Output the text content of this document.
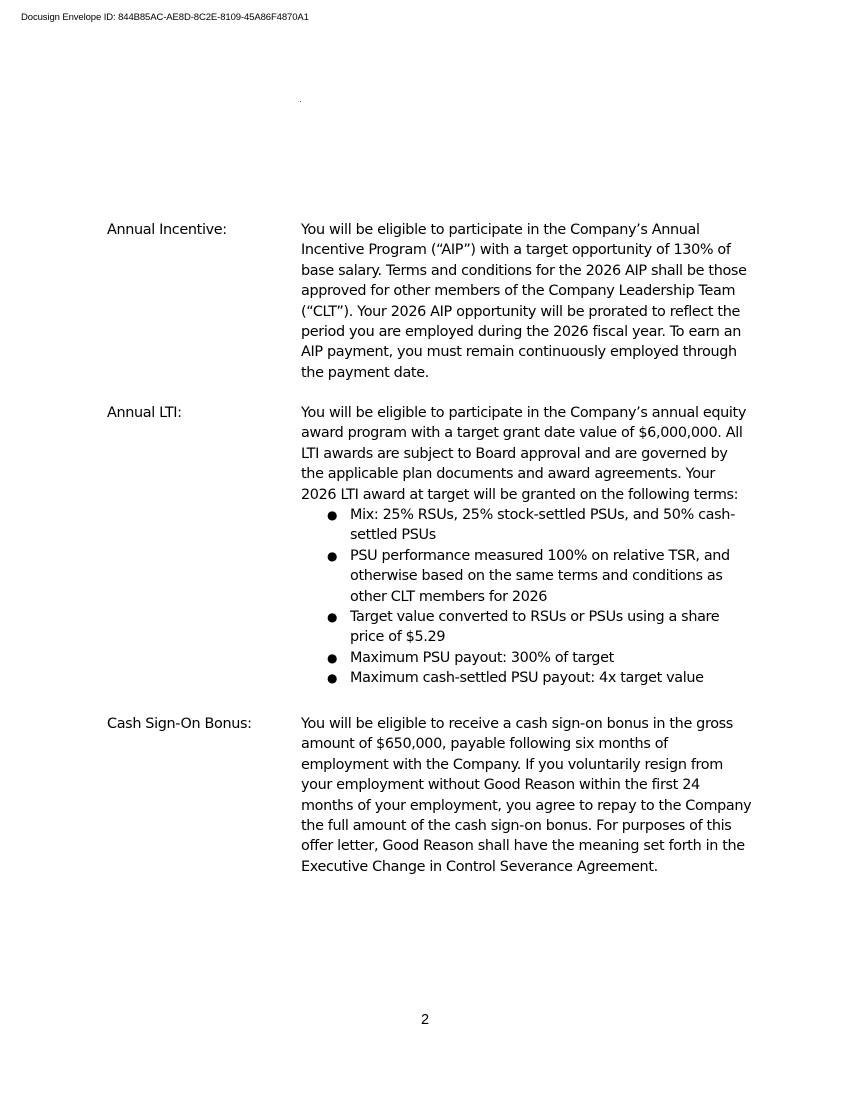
Docusign Envelope ID: 844B85AC-AE8D-8C2E-8109-45A86F4870A1
Annual Incentive:	You will be eligible to participate in the Company’s Annual
Incentive Program (“AIP”) with a target opportunity of 130% of
base salary. Terms and conditions for the 2026 AIP shall be those
approved for other members of the Company Leadership Team
(“CLT”). Your 2026 AIP opportunity will be prorated to reflect the
period you are employed during the 2026 fiscal year. To earn an
AIP payment, you must remain continuously employed through
the payment date.
Annual LTI:	You will be eligible to participate in the Company’s annual equity
award program with a target grant date value of $6,000,000. All
LTI awards are subject to Board approval and are governed by
the applicable plan documents and award agreements. Your
2026 LTI award at target will be granted on the following terms:
● Mix: 25% RSUs, 25% stock-settled PSUs, and 50% cash-
settled PSUs
● PSU performance measured 100% on relative TSR, and
otherwise based on the same terms and conditions as
other CLT members for 2026
● Target value converted to RSUs or PSUs using a share
price of $5.29
● Maximum PSU payout: 300% of target
● Maximum cash-settled PSU payout: 4x target value
Cash Sign-On Bonus:	You will be eligible to receive a cash sign-on bonus in the gross
amount of $650,000, payable following six months of
employment with the Company. If you voluntarily resign from
your employment without Good Reason within the first 24
months of your employment, you agree to repay to the Company
the full amount of the cash sign-on bonus. For purposes of this
offer letter, Good Reason shall have the meaning set forth in the
Executive Change in Control Severance Agreement.
2
